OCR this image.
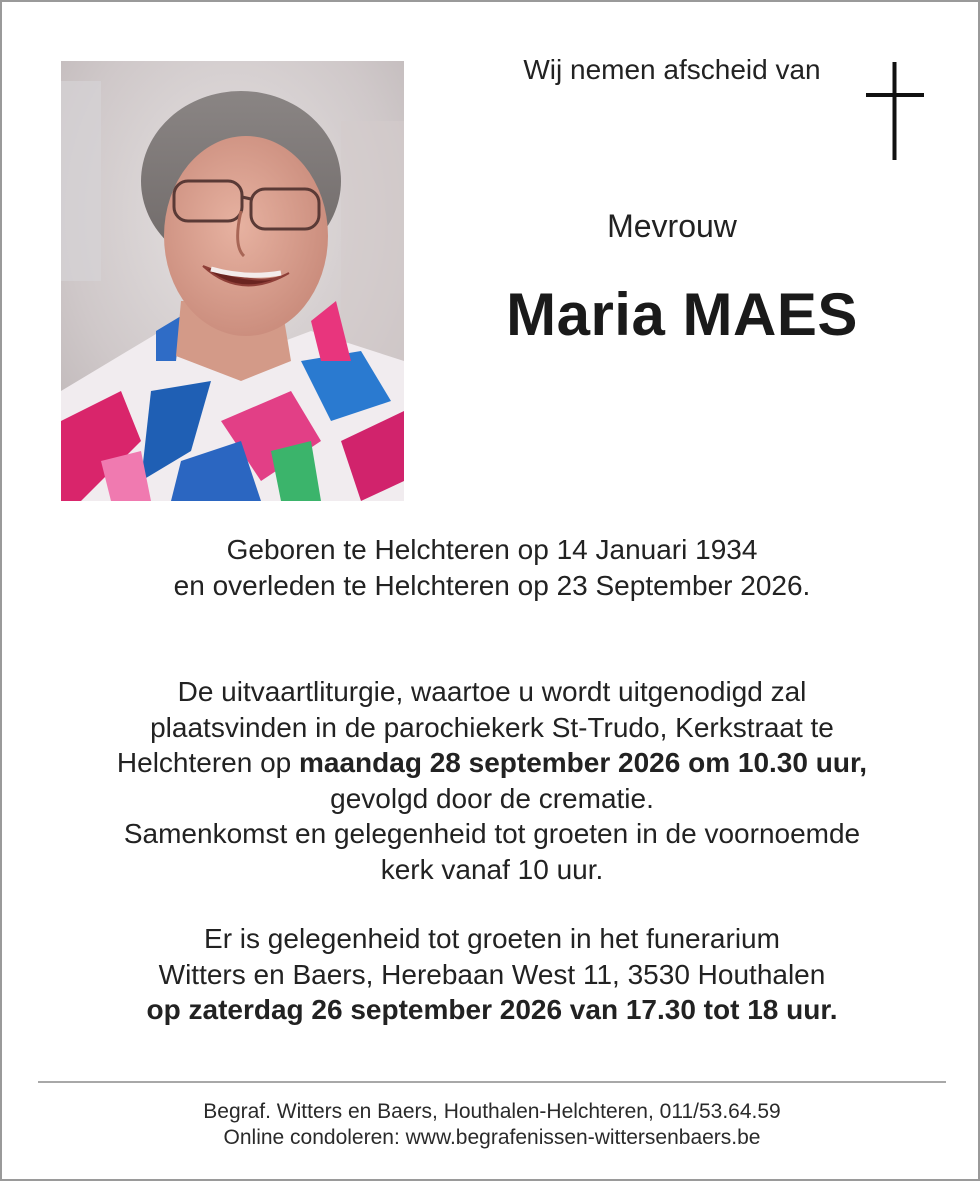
Wij nemen afscheid van
Mevrouw
Maria MAES
Geboren te Helchteren op 14 Januari 1934
en overleden te Helchteren op 23 September 2026.
De uitvaartliturgie, waartoe u wordt uitgenodigd zal
plaatsvinden in de parochiekerk St-Trudo, Kerkstraat te
Helchteren op maandag 28 september 2026 om 10.30 uur,
gevolgd door de crematie.
Samenkomst en gelegenheid tot groeten in de voornoemde
kerk vanaf 10 uur.
Er is gelegenheid tot groeten in het funerarium
Witters en Baers, Herebaan West 11, 3530 Houthalen
op zaterdag 26 september 2026 van 17.30 tot 18 uur.
Begraf. Witters en Baers, Houthalen-Helchteren, 011/53.64.59
Online condoleren: www.begrafenissen-wittersenbaers.be
